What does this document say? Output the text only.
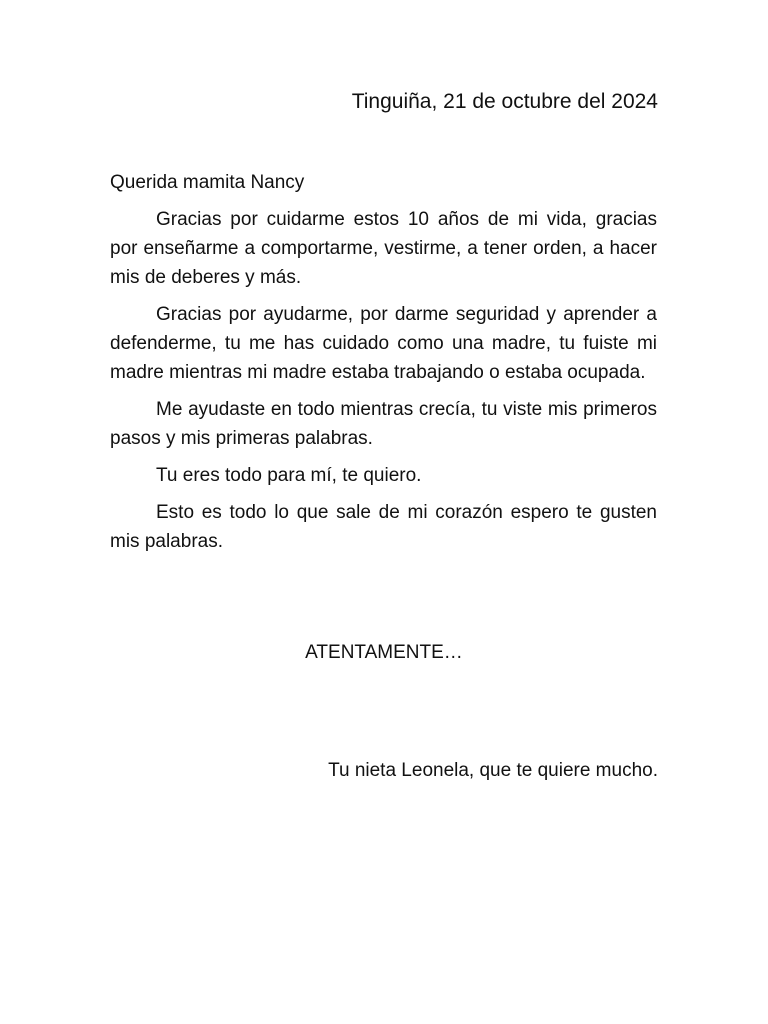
Tinguiña, 21 de octubre del 2024

Querida mamita Nancy

Gracias por cuidarme estos 10 años de mi vida, gracias por enseñarme a comportarme, vestirme, a tener orden, a hacer mis de deberes y más.

Gracias por ayudarme, por darme seguridad y aprender a defenderme, tu me has cuidado como una madre, tu fuiste mi madre mientras mi madre estaba trabajando o estaba ocupada.

Me ayudaste en todo mientras crecía, tu viste mis primeros pasos y mis primeras palabras.

Tu eres todo para mí, te quiero.

Esto es todo lo que sale de mi corazón espero te gusten mis palabras.

ATENTAMENTE…
Tu nieta Leonela, que te quiere mucho.
